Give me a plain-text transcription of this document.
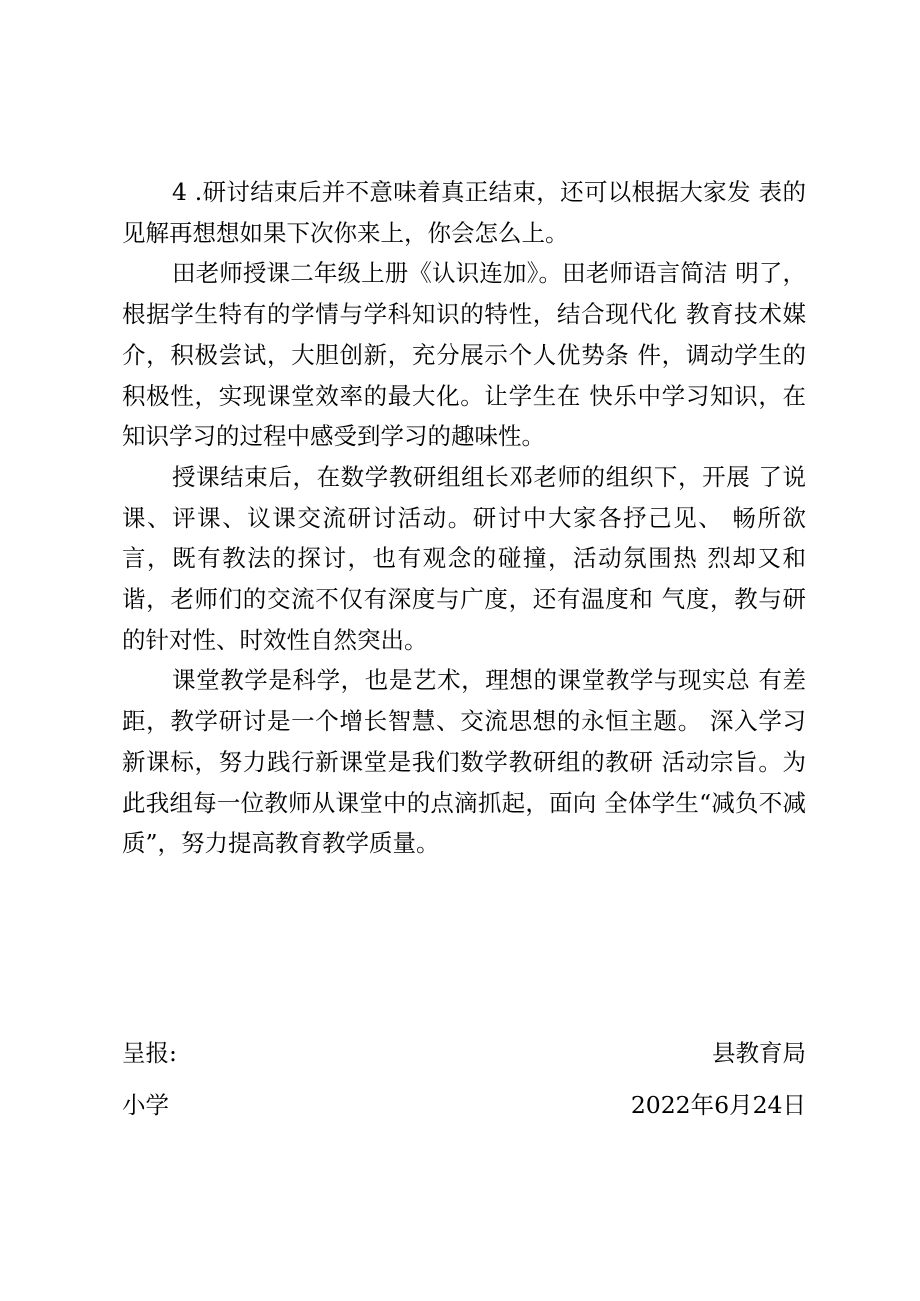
4 .研讨结束后并不意味着真正结束，还可以根据大家发 表的见解再想想如果下次你来上，你会怎么上。

田老师授课二年级上册《认识连加》。田老师语言简洁 明了，根据学生特有的学情与学科知识的特性，结合现代化 教育技术媒介，积极尝试，大胆创新，充分展示个人优势条 件，调动学生的积极性，实现课堂效率的最大化。让学生在 快乐中学习知识，在知识学习的过程中感受到学习的趣味性。

授课结束后，在数学教研组组长邓老师的组织下，开展 了说课、评课、议课交流研讨活动。研讨中大家各抒己见、 畅所欲言，既有教法的探讨，也有观念的碰撞，活动氛围热 烈却又和谐，老师们的交流不仅有深度与广度，还有温度和 气度，教与研的针对性、时效性自然突出。

课堂教学是科学，也是艺术，理想的课堂教学与现实总 有差距，教学研讨是一个增长智慧、交流思想的永恒主题。 深入学习新课标，努力践行新课堂是我们数学教研组的教研 活动宗旨。为此我组每一位教师从课堂中的点滴抓起，面向 全体学生“减负不减质”，努力提高教育教学质量。

呈报:	县教育局
小学	2022年6月24日
